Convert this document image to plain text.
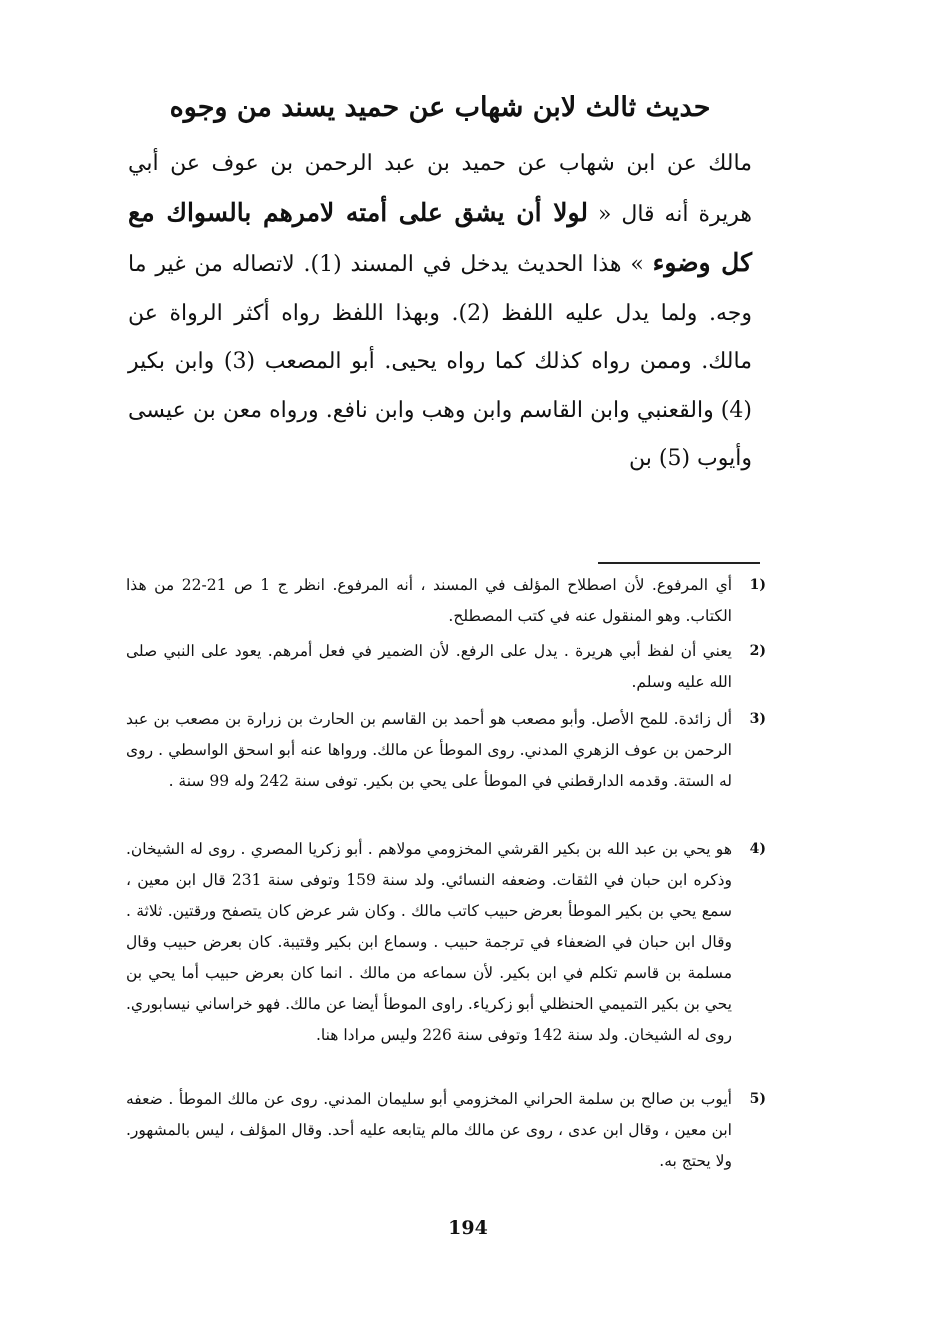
حديث ثالث لابن شهاب عن حميد يسند من وجوه

مالك عن ابن شهاب عن حميد بن عبد الرحمن بن عوف عن أبي هريرة أنه قال « لولا أن يشق على أمته لامرهم بالسواك مع كل وضوء » هذا الحديث يدخل في المسند (1). لاتصاله من غير ما وجه. ولما يدل عليه اللفظ (2). وبهذا اللفظ رواه أكثر الرواة عن مالك. وممن رواه كذلك كما رواه يحيى. أبو المصعب (3) وابن بكير (4) والقعنبي وابن القاسم وابن وهب وابن نافع. ورواه معن بن عيسى وأيوب (5) بن

1)

أي المرفوع. لأن اصطلاح المؤلف في المسند ، أنه المرفوع. انظر ج 1 ص 21-22 من هذا الكتاب. وهو المنقول عنه في كتب المصطلح.

2)

يعني أن لفظ أبي هريرة . يدل على الرفع. لأن الضمير في فعل أمرهم. يعود على النبي صلى الله عليه وسلم.

3)

أل زائدة. للمح الأصل. وأبو مصعب هو أحمد بن القاسم بن الحارث بن زرارة بن مصعب بن عبد الرحمن بن عوف الزهري المدني. روى الموطأ عن مالك. ورواها عنه أبو اسحق الواسطي . روى له الستة. وقدمه الدارقطني في الموطأ على يحي بن بكير. توفى سنة 242 وله 99 سنة .

4)

هو يحي بن عبد الله بن بكير القرشي المخزومي مولاهم . أبو زكريا المصري . روى له الشيخان. وذكره ابن حبان في الثقات. وضعفه النسائي. ولد سنة 159 وتوفى سنة 231 قال ابن معين ، سمع يحي بن بكير الموطأ بعرض حبيب كاتب مالك . وكان شر عرض كان يتصفح ورقتين. ثلاثة . وقال ابن حبان في الضعفاء في ترجمة حبيب . وسماع ابن بكير وقتيبة. كان بعرض حبيب وقال مسلمة بن قاسم تكلم في ابن بكير. لأن سماعه من مالك . انما كان بعرض حبيب أما يحي بن يحي بن بكير التميمي الحنظلي أبو زكرياء. راوى الموطأ أيضا عن مالك. فهو خراساني نيسابوري. روى له الشيخان. ولد سنة 142 وتوفى سنة 226 وليس مرادا هنا.

5)

أيوب بن صالح بن سلمة الحراني المخزومي أبو سليمان المدني. روى عن مالك الموطأ . ضعفه ابن معين ، وقال ابن عدى ، روى عن مالك مالم يتابعه عليه أحد. وقال المؤلف ، ليس بالمشهور. ولا يحتج به.

194
